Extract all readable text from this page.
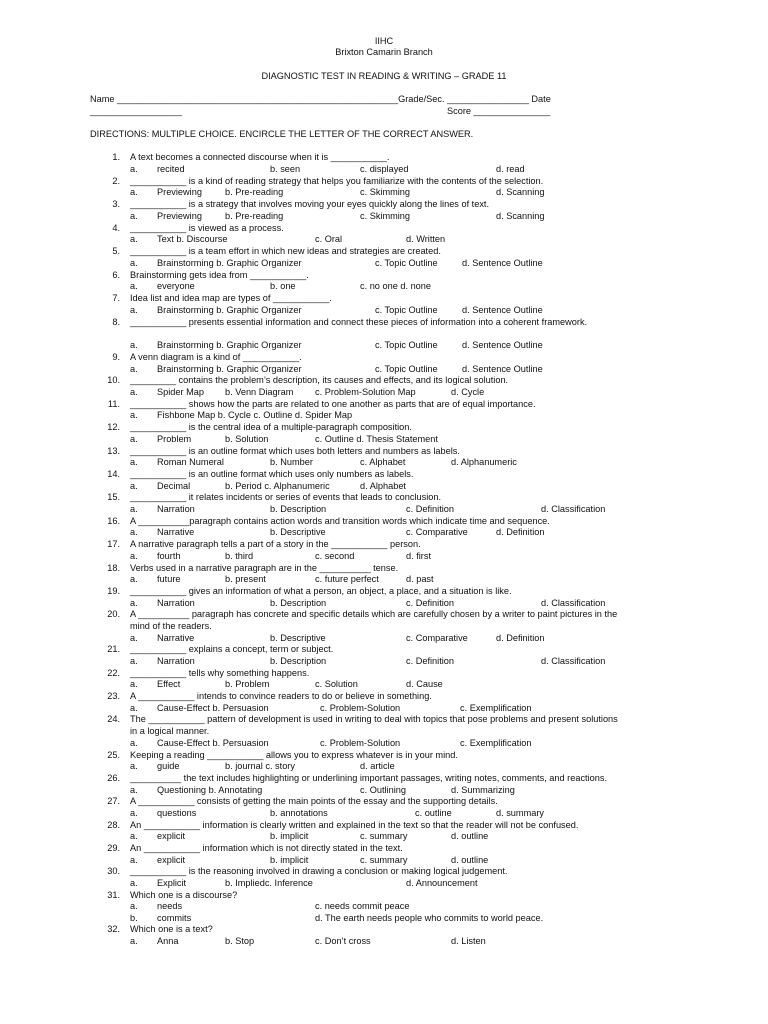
IIHC
Brixton Camarin Branch
DIAGNOSTIC TEST IN READING & WRITING – GRADE 11
Name _______________________________________________________Grade/Sec. ________________ Date
__________________	Score _______________
DIRECTIONS: MULTIPLE CHOICE. ENCIRCLE THE LETTER OF THE CORRECT ANSWER.
1. A text becomes a connected discourse when it is ___________.
a. recited	b. seen	c. displayed	d. read
2. ___________ is a kind of reading strategy that helps you familiarize with the contents of the selection.
a. Previewing	b. Pre-reading	c. Skimming	d. Scanning
3. ___________ is a strategy that involves moving your eyes quickly along the lines of text.
a. Previewing	b. Pre-reading	c. Skimming	d. Scanning
4. ___________ is viewed as a process.
a. Text b. Discourse	c. Oral	d. Written
5. ___________ is a team effort in which new ideas and strategies are created.
a. Brainstorming b. Graphic Organizer	c. Topic Outline	d. Sentence Outline
6. Brainstorming gets idea from ___________.
a. everyone	b. one	c. no one d. none
7. Idea list and idea map are types of ___________.
a. Brainstorming b. Graphic Organizer	c. Topic Outline	d. Sentence Outline
8. ___________ presents essential information and connect these pieces of information into a coherent framework.
a. Brainstorming b. Graphic Organizer	c. Topic Outline	d. Sentence Outline
9. A venn diagram is a kind of ___________.
a. Brainstorming b. Graphic Organizer	c. Topic Outline	d. Sentence Outline
10. _________ contains the problem’s description, its causes and effects, and its logical solution.
a. Spider Map b. Venn Diagram c. Problem-Solution Map	d. Cycle
11. ___________ shows how the parts are related to one another as parts that are of equal importance.
a. Fishbone Map b. Cycle c. Outline d. Spider Map
12. ___________ is the central idea of a multiple-paragraph composition.
a. Problem	b. Solution	c. Outline d. Thesis Statement
13. ___________ is an outline format which uses both letters and numbers as labels.
a. Roman Numeral	b. Number	c. Alphabet	d. Alphanumeric
14. ___________ is an outline format which uses only numbers as labels.
a. Decimal	b. Period c. Alphanumeric	d. Alphabet
15. ___________ it relates incidents or series of events that leads to conclusion.
a. Narration	b. Description	c. Definition	d. Classification
16. A __________paragraph contains action words and transition words which indicate time and sequence.
a. Narrative	b. Descriptive	c. Comparative	d. Definition
17. A narrative paragraph tells a part of a story in the ___________ person.
a. fourth	b. third	c. second	d. first
18. Verbs used in a narrative paragraph are in the __________ tense.
a. future	b. present	c. future perfect	d. past
19. ___________ gives an information of what a person, an object, a place, and a situation is like.
a. Narration	b. Description	c. Definition	d. Classification
20. A __________ paragraph has concrete and specific details which are carefully chosen by a writer to paint pictures in the
mind of the readers.
a. Narrative	b. Descriptive	c. Comparative	d. Definition
21. ___________ explains a concept, term or subject.
a. Narration	b. Description	c. Definition	d. Classification
22. ___________ tells why something happens.
a. Effect	b. Problem	c. Solution	d. Cause
23. A ___________ intends to convince readers to do or believe in something.
a. Cause-Effect b. Persuasion	c. Problem-Solution	c. Exemplification
24. The ___________ pattern of development is used in writing to deal with topics that pose problems and present solutions
in a logical manner.
a. Cause-Effect b. Persuasion	c. Problem-Solution	c. Exemplification
25. Keeping a reading ___________ allows you to express whatever is in your mind.
a. guide	b. journal c. story	d. article
26. __________ the text includes highlighting or underlining important passages, writing notes, comments, and reactions.
a. Questioning b. Annotating	c. Outlining	d. Summarizing
27. A ___________ consists of getting the main points of the essay and the supporting details.
a. questions	b. annotations	c. outline	d. summary
28. An ___________ information is clearly written and explained in the text so that the reader will not be confused.
a. explicit	b. implicit	c. summary	d. outline
29. An ___________ information which is not directly stated in the text.
a. explicit	b. implicit	c. summary	d. outline
30. ___________ is the reasoning involved in drawing a conclusion or making logical judgement.
a. Explicit	b. Impliedc. Inference	d. Announcement
31. Which one is a discourse?
a. needs	c. needs commit peace
b. commits	d. The earth needs people who commits to world peace.
32. Which one is a text?
a. Anna	b. Stop	c. Don’t cross	d. Listen
